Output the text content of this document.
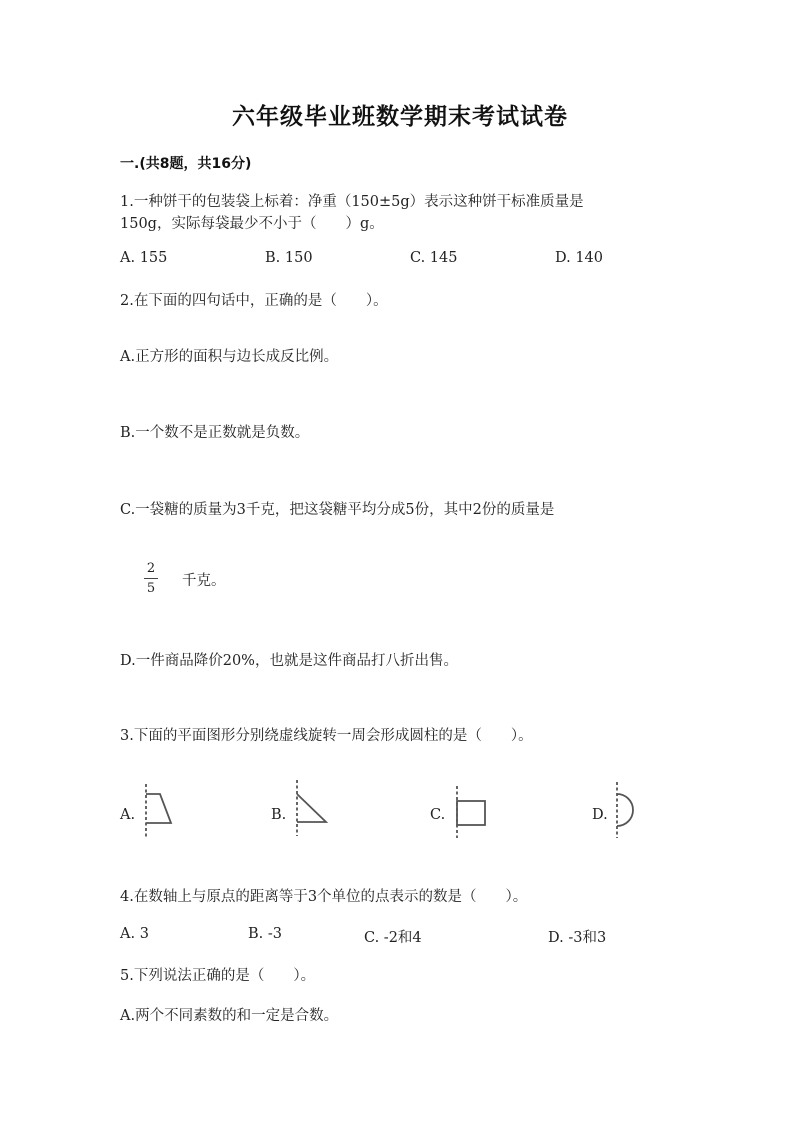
六年级毕业班数学期末考试试卷
一.(共8题，共16分)
1.一种饼干的包装袋上标着：净重（150±5g）表示这种饼干标准质量是
150g，实际每袋最少不小于（　　）g。
A. 155	B. 150	C. 145	D. 140
2.在下面的四句话中，正确的是（　　）。
A.正方形的面积与边长成反比例。
B.一个数不是正数就是负数。
C.一袋糖的质量为3千克，把这袋糖平均分成5份，其中2份的质量是
2
5 千克。
D.一件商品降价20%，也就是这件商品打八折出售。
3.下面的平面图形分别绕虚线旋转一周会形成圆柱的是（　　）。
A.	B.	C.	D.
4.在数轴上与原点的距离等于3个单位的点表示的数是（　　）。
A. 3	B. -3	C. -2和4	D. -3和3
5.下列说法正确的是（　　）。
A.两个不同素数的和一定是合数。
